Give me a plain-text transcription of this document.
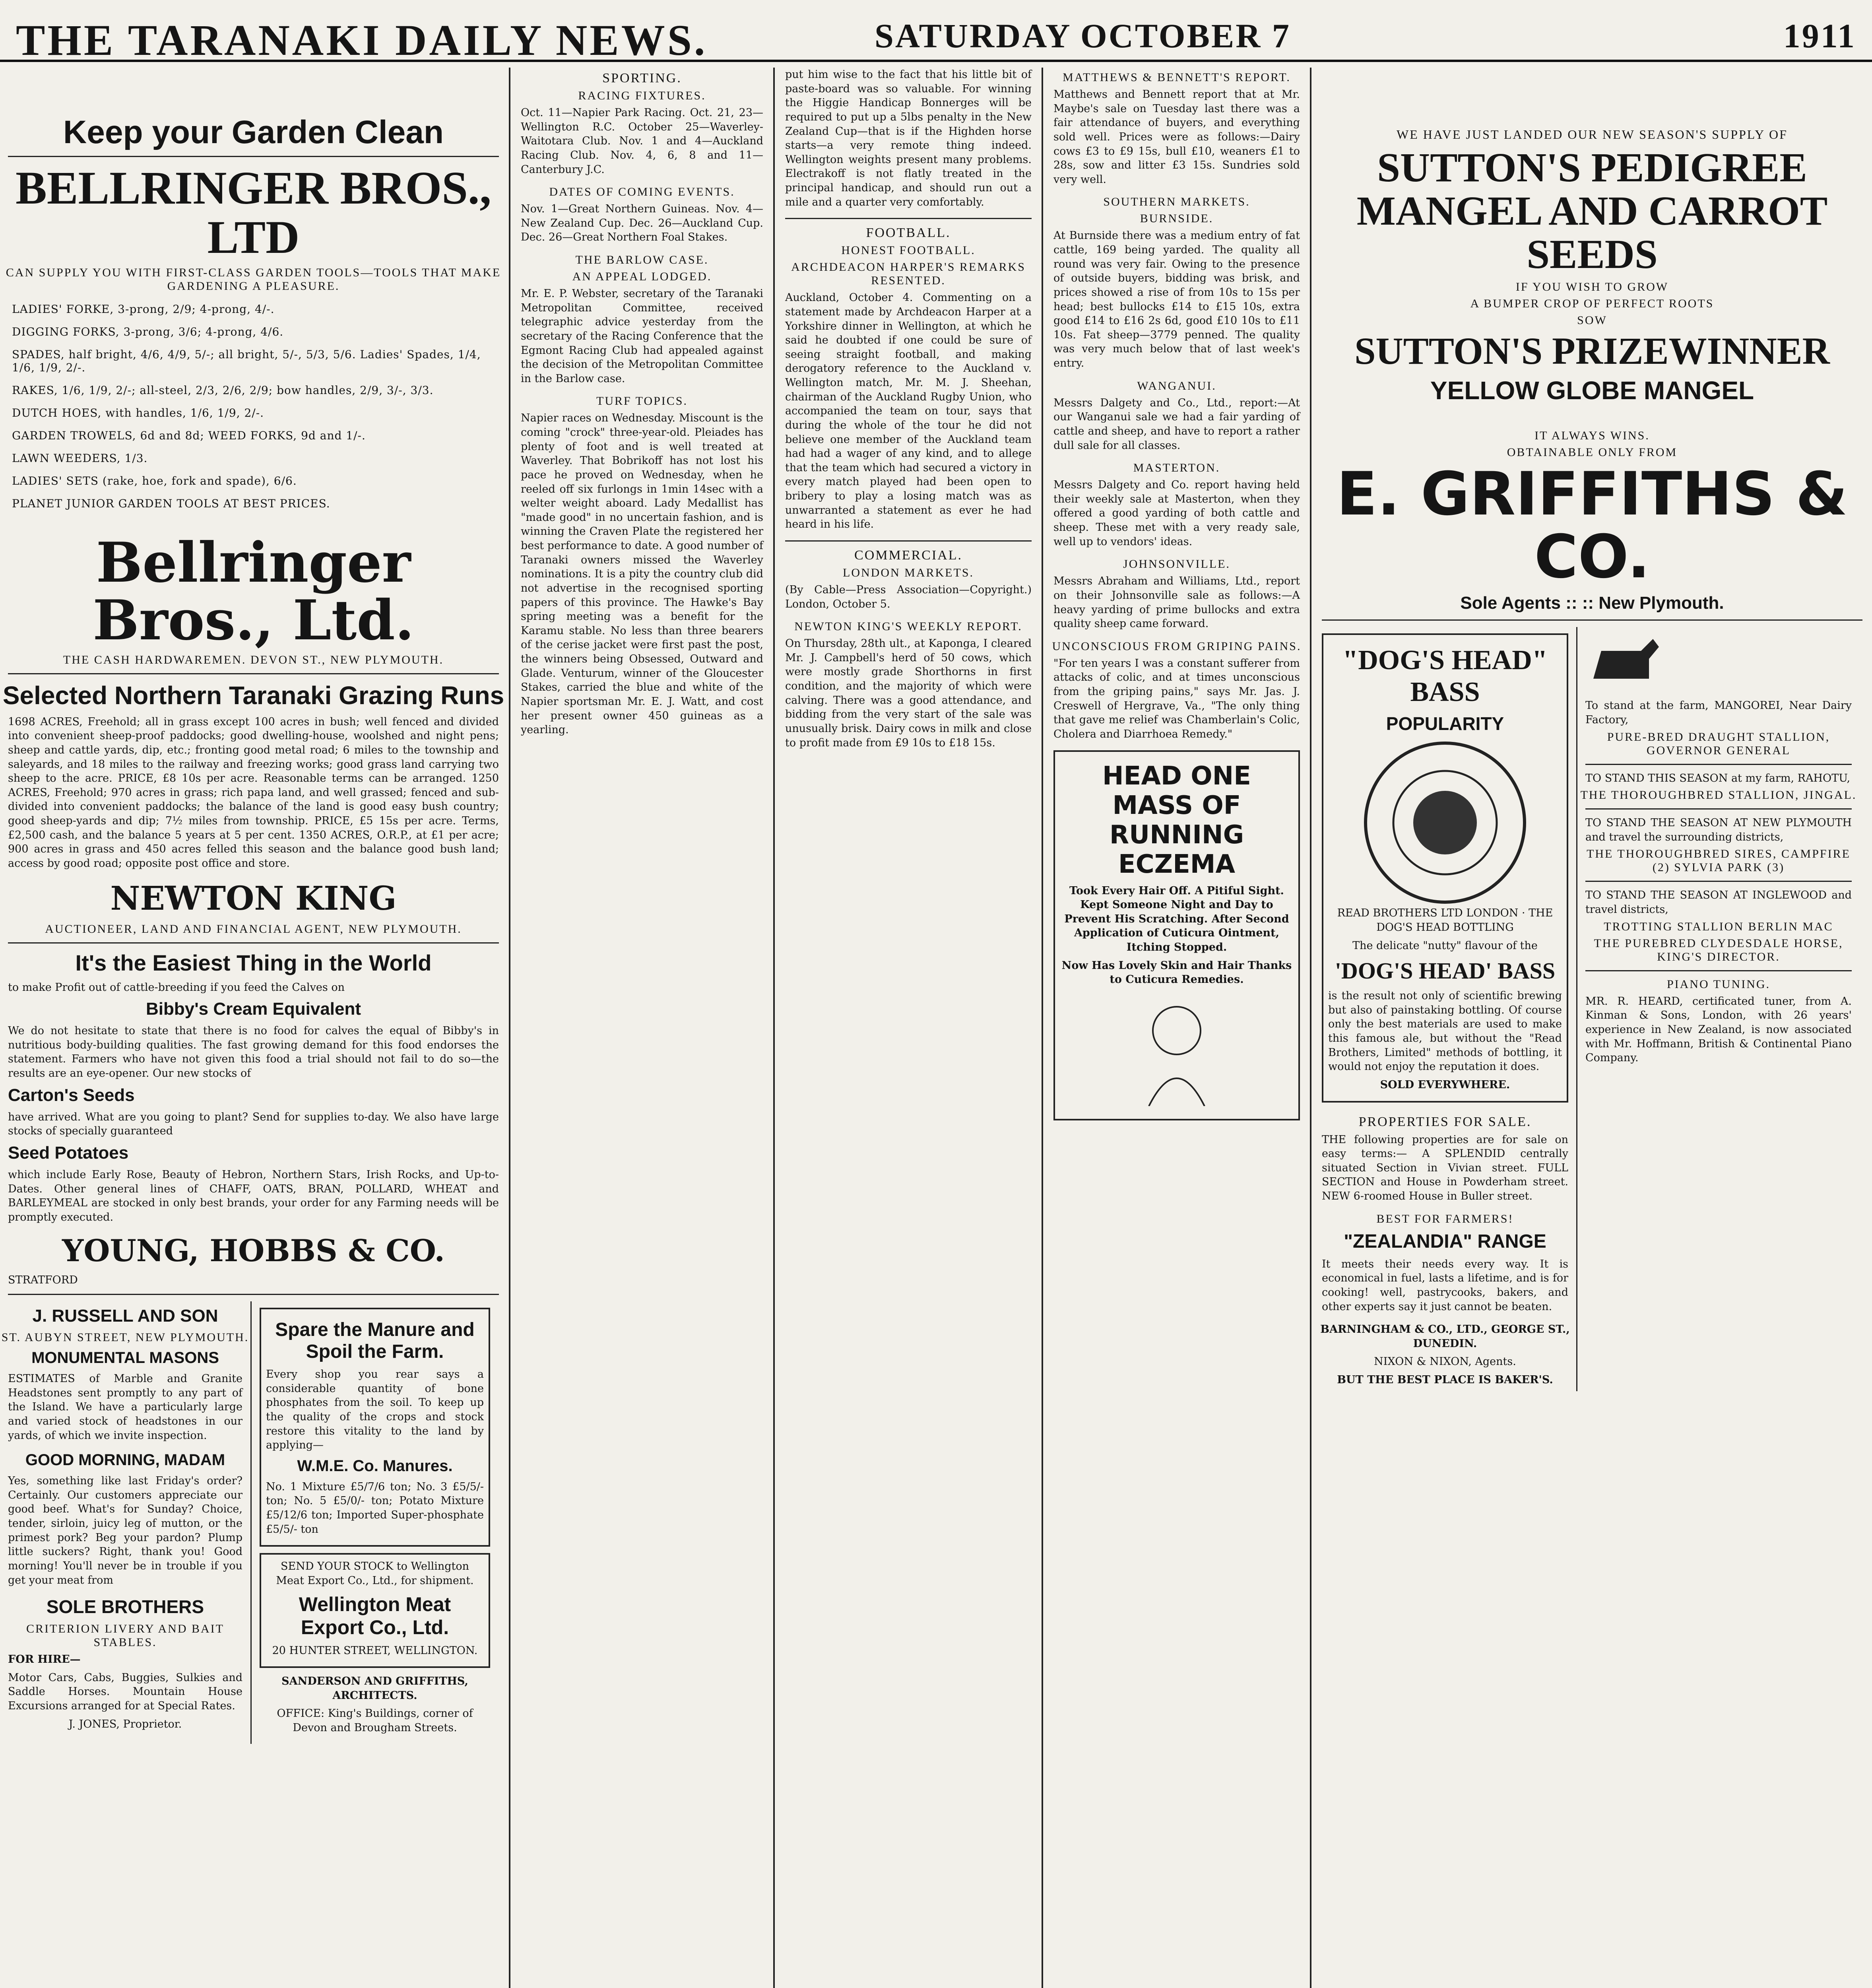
THE TARANAKI DAILY NEWS.	SATURDAY OCTOBER 7	1911
Keep your Garden Clean
BELLRINGER BROS., LTD
CAN SUPPLY YOU WITH FIRST-CLASS GARDEN TOOLS—TOOLS THAT MAKE GARDENING A PLEASURE.
LADIES' FORKE, 3-prong, 2/9; 4-prong, 4/-.
DIGGING FORKS, 3-prong, 3/6; 4-prong, 4/6.
SPADES, half bright, 4/6, 4/9, 5/-; all bright, 5/-, 5/3, 5/6. Ladies' Spades, 1/4, 1/6, 1/9, 2/-.
RAKES, 1/6, 1/9, 2/-; all-steel, 2/3, 2/6, 2/9; bow handles, 2/9, 3/-, 3/3.
DUTCH HOES, with handles, 1/6, 1/9, 2/-.
GARDEN TROWELS, 6d and 8d; WEED FORKS, 9d and 1/-.
LAWN WEEDERS, 1/3.
LADIES' SETS (rake, hoe, fork and spade), 6/6.
PLANET JUNIOR GARDEN TOOLS AT BEST PRICES.
Bellringer Bros., Ltd.
THE CASH HARDWAREMEN. DEVON ST., NEW PLYMOUTH.
Selected Northern Taranaki Grazing Runs

1698 ACRES, Freehold; all in grass except 100 acres in bush; well fenced and divided into convenient sheep-proof paddocks; good dwelling-house, woolshed and night pens; sheep and cattle yards, dip, etc.; fronting good metal road; 6 miles to the township and saleyards, and 18 miles to the railway and freezing works; good grass land carrying two sheep to the acre. PRICE, £8 10s per acre. Reasonable terms can be arranged. 1250 ACRES, Freehold; 970 acres in grass; rich papa land, and well grassed; fenced and sub-divided into convenient paddocks; the balance of the land is good easy bush country; good sheep-yards and dip; 7½ miles from township. PRICE, £5 15s per acre. Terms, £2,500 cash, and the balance 5 years at 5 per cent. 1350 ACRES, O.R.P., at £1 per acre; 900 acres in grass and 450 acres felled this season and the balance good bush land; access by good road; opposite post office and store.

NEWTON KING
AUCTIONEER, LAND AND FINANCIAL AGENT, NEW PLYMOUTH.
It's the Easiest Thing in the World

to make Profit out of cattle-breeding if you feed the Calves on

Bibby's Cream Equivalent

We do not hesitate to state that there is no food for calves the equal of Bibby's in nutritious body-building qualities. The fast growing demand for this food endorses the statement. Farmers who have not given this food a trial should not fail to do so—the results are an eye-opener. Our new stocks of

Carton's Seeds

have arrived. What are you going to plant? Send for supplies to-day. We also have large stocks of specially guaranteed

Seed Potatoes

which include Early Rose, Beauty of Hebron, Northern Stars, Irish Rocks, and Up-to-Dates. Other general lines of CHAFF, OATS, BRAN, POLLARD, WHEAT and BARLEYMEAL are stocked in only best brands, your order for any Farming needs will be promptly executed.

YOUNG, HOBBS & CO.

STRATFORD

J. RUSSELL AND SON
ST. AUBYN STREET, NEW PLYMOUTH.
MONUMENTAL MASONS

ESTIMATES of Marble and Granite Headstones sent promptly to any part of the Island. We have a particularly large and varied stock of headstones in our yards, of which we invite inspection.

GOOD MORNING, MADAM

Yes, something like last Friday's order? Certainly. Our customers appreciate our good beef. What's for Sunday? Choice, tender, sirloin, juicy leg of mutton, or the primest pork? Beg your pardon? Plump little suckers? Right, thank you! Good morning! You'll never be in trouble if you get your meat from

SOLE BROTHERS
CRITERION LIVERY AND BAIT STABLES.

FOR HIRE—

Motor Cars, Cabs, Buggies, Sulkies and Saddle Horses. Mountain House Excursions arranged for at Special Rates.

J. JONES, Proprietor.

Spare the Manure and Spoil the Farm.

Every shop you rear says a considerable quantity of bone phosphates from the soil. To keep up the quality of the crops and stock restore this vitality to the land by applying—

W.M.E. Co. Manures.

No. 1 Mixture £5/7/6 ton; No. 3 £5/5/- ton; No. 5 £5/0/- ton; Potato Mixture £5/12/6 ton; Imported Super-phosphate £5/5/- ton

SEND YOUR STOCK to Wellington Meat Export Co., Ltd., for shipment.

Wellington Meat Export Co., Ltd.

20 HUNTER STREET, WELLINGTON.

SANDERSON AND GRIFFITHS, ARCHITECTS.

OFFICE: King's Buildings, corner of Devon and Brougham Streets.

SPORTING.
RACING FIXTURES.

Oct. 11—Napier Park Racing. Oct. 21, 23—Wellington R.C. October 25—Waverley-Waitotara Club. Nov. 1 and 4—Auckland Racing Club. Nov. 4, 6, 8 and 11—Canterbury J.C.

DATES OF COMING EVENTS.

Nov. 1—Great Northern Guineas. Nov. 4—New Zealand Cup. Dec. 26—Auckland Cup. Dec. 26—Great Northern Foal Stakes.

THE BARLOW CASE.
AN APPEAL LODGED.

Mr. E. P. Webster, secretary of the Taranaki Metropolitan Committee, received telegraphic advice yesterday from the secretary of the Racing Conference that the Egmont Racing Club had appealed against the decision of the Metropolitan Committee in the Barlow case.

TURF TOPICS.

Napier races on Wednesday. Miscount is the coming "crock" three-year-old. Pleiades has plenty of foot and is well treated at Waverley. That Bobrikoff has not lost his pace he proved on Wednesday, when he reeled off six furlongs in 1min 14sec with a welter weight aboard. Lady Medallist has "made good" in no uncertain fashion, and is winning the Craven Plate the registered her best performance to date. A good number of Taranaki owners missed the Waverley nominations. It is a pity the country club did not advertise in the recognised sporting papers of this province. The Hawke's Bay spring meeting was a benefit for the Karamu stable. No less than three bearers of the cerise jacket were first past the post, the winners being Obsessed, Outward and Glade. Venturum, winner of the Gloucester Stakes, carried the blue and white of the Napier sportsman Mr. E. J. Watt, and cost her present owner 450 guineas as a yearling.

put him wise to the fact that his little bit of paste-board was so valuable. For winning the Higgie Handicap Bonnerges will be required to put up a 5lbs penalty in the New Zealand Cup—that is if the Highden horse starts—a very remote thing indeed. Wellington weights present many problems. Electrakoff is not flatly treated in the principal handicap, and should run out a mile and a quarter very comfortably.

FOOTBALL.
HONEST FOOTBALL.
ARCHDEACON HARPER'S REMARKS RESENTED.

Auckland, October 4. Commenting on a statement made by Archdeacon Harper at a Yorkshire dinner in Wellington, at which he said he doubted if one could be sure of seeing straight football, and making derogatory reference to the Auckland v. Wellington match, Mr. M. J. Sheehan, chairman of the Auckland Rugby Union, who accompanied the team on tour, says that during the whole of the tour he did not believe one member of the Auckland team had had a wager of any kind, and to allege that the team which had secured a victory in every match played had been open to bribery to play a losing match was as unwarranted a statement as ever he had heard in his life.

COMMERCIAL.
LONDON MARKETS.

(By Cable—Press Association—Copyright.) London, October 5.

NEWTON KING'S WEEKLY REPORT.

On Thursday, 28th ult., at Kaponga, I cleared Mr. J. Campbell's herd of 50 cows, which were mostly grade Shorthorns in first condition, and the majority of which were calving. There was a good attendance, and bidding from the very start of the sale was unusually brisk. Dairy cows in milk and close to profit made from £9 10s to £18 15s.

MATTHEWS & BENNETT'S REPORT.

Matthews and Bennett report that at Mr. Maybe's sale on Tuesday last there was a fair attendance of buyers, and everything sold well. Prices were as follows:—Dairy cows £3 to £9 15s, bull £10, weaners £1 to 28s, sow and litter £3 15s. Sundries sold very well.

SOUTHERN MARKETS.
BURNSIDE.

At Burnside there was a medium entry of fat cattle, 169 being yarded. The quality all round was very fair. Owing to the presence of outside buyers, bidding was brisk, and prices showed a rise of from 10s to 15s per head; best bullocks £14 to £15 10s, extra good £14 to £16 2s 6d, good £10 10s to £11 10s. Fat sheep—3779 penned. The quality was very much below that of last week's entry.

WANGANUI.

Messrs Dalgety and Co., Ltd., report:—At our Wanganui sale we had a fair yarding of cattle and sheep, and have to report a rather dull sale for all classes.

MASTERTON.

Messrs Dalgety and Co. report having held their weekly sale at Masterton, when they offered a good yarding of both cattle and sheep. These met with a very ready sale, well up to vendors' ideas.

JOHNSONVILLE.

Messrs Abraham and Williams, Ltd., report on their Johnsonville sale as follows:—A heavy yarding of prime bullocks and extra quality sheep came forward.

UNCONSCIOUS FROM GRIPING PAINS.

"For ten years I was a constant sufferer from attacks of colic, and at times unconscious from the griping pains," says Mr. Jas. J. Creswell of Hergrave, Va., "The only thing that gave me relief was Chamberlain's Colic, Cholera and Diarrhoea Remedy."

HEAD ONE MASS OF RUNNING ECZEMA

Took Every Hair Off. A Pitiful Sight. Kept Someone Night and Day to Prevent His Scratching. After Second Application of Cuticura Ointment, Itching Stopped.

Now Has Lovely Skin and Hair Thanks to Cuticura Remedies.

WE HAVE JUST LANDED OUR NEW SEASON'S SUPPLY OF
SUTTON'S PEDIGREE MANGEL AND CARROT SEEDS
IF YOU WISH TO GROW
A BUMPER CROP OF PERFECT ROOTS
SOW
SUTTON'S PRIZEWINNER
YELLOW GLOBE MANGEL
IT ALWAYS WINS.
OBTAINABLE ONLY FROM
E. GRIFFITHS & CO.
Sole Agents :: :: New Plymouth.
"DOG'S HEAD" BASS
POPULARITY

READ BROTHERS LTD LONDON · THE DOG'S HEAD BOTTLING

The delicate "nutty" flavour of the

'DOG'S HEAD' BASS

is the result not only of scientific brewing but also of painstaking bottling. Of course only the best materials are used to make this famous ale, but without the "Read Brothers, Limited" methods of bottling, it would not enjoy the reputation it does.

SOLD EVERYWHERE.

PROPERTIES FOR SALE.

THE following properties are for sale on easy terms:— A SPLENDID centrally situated Section in Vivian street. FULL SECTION and House in Powderham street. NEW 6-roomed House in Buller street.

BEST FOR FARMERS!
"ZEALANDIA" RANGE

It meets their needs every way. It is economical in fuel, lasts a lifetime, and is for cooking! well, pastrycooks, bakers, and other experts say it just cannot be beaten.

BARNINGHAM & CO., LTD., GEORGE ST., DUNEDIN.

NIXON & NIXON, Agents.

BUT THE BEST PLACE IS BAKER'S.

To stand at the farm, MANGOREI, Near Dairy Factory,

PURE-BRED DRAUGHT STALLION, GOVERNOR GENERAL

TO STAND THIS SEASON at my farm, RAHOTU,

THE THOROUGHBRED STALLION, JINGAL.

TO STAND THE SEASON AT NEW PLYMOUTH and travel the surrounding districts,

THE THOROUGHBRED SIRES, CAMPFIRE (2) SYLVIA PARK (3)

TO STAND THE SEASON AT INGLEWOOD and travel districts,

TROTTING STALLION BERLIN MAC
THE PUREBRED CLYDESDALE HORSE, KING'S DIRECTOR.
PIANO TUNING.

MR. R. HEARD, certificated tuner, from A. Kinman & Sons, London, with 26 years' experience in New Zealand, is now associated with Mr. Hoffmann, British & Continental Piano Company.
